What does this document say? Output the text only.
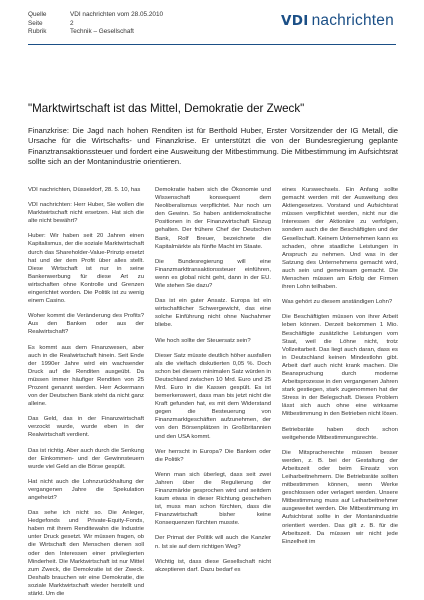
Quelle	VDI nachrichten vom 28.05.2010
Seite	2
Rubrik	Technik – Gesellschaft
VDI nachrichten
"Marktwirtschaft ist das Mittel, Demokratie der Zweck"
Finanzkrise: Die Jagd nach hohen Renditen ist für Berthold Huber, Erster Vorsitzender der IG Metall, die Ursache für die Wirtschafts- und Finanzkrise. Er unterstützt die von der Bundesregierung geplante Finanztransaktionssteuer und fordert eine Ausweitung der Mitbestimmung. Die Mitbestimmung im Aufsichtsrat sollte sich an der Montanindustrie orientieren.

VDI nachrichten, Düsseldorf, 28. 5. 10, has

VDI nachrichten: Herr Huber, Sie wollen die Marktwirtschaft nicht ersetzen. Hat sich die alte nicht bewährt?

Huber: Wir haben seit 20 Jahren einen Kapitalismus, der die soziale Marktwirtschaft durch das Shareholder-Value-Prinzip ersetzt hat und der dem Profit über alles stellt. Diese Wirtschaft ist nur in seine Bankenwerbung für diese Art zu wirtschaften ohne Kontrolle und Grenzen eingerichtet worden. Die Politik ist zu wenig einem Casino.

Woher kommt die Veränderung des Profits? Aus den Banken oder aus der Realwirtschaft?

Es kommt aus dem Finanzwesen, aber auch in die Realwirtschaft hinein. Seit Ende der 1990er Jahre wird ein wachsender Druck auf die Renditen ausgeübt. Da müssen immer häufiger Renditen von 25 Prozent genannt werden. Herr Ackermann von der Deutschen Bank steht da nicht ganz alleine.

Das Geld, das in der Finanzwirtschaft verzockt wurde, wurde eben in der Realwirtschaft verdient.

Das ist richtig. Aber auch durch die Senkung der Einkommen- und der Gewinnsteuern wurde viel Geld an die Börse gespült.

Hat nicht auch die Lohnzurückhaltung der vergangenen Jahre die Spekulation angeheizt?

Das sehe ich nicht so. Die Anleger, Hedgefonds und Private-Equity-Fonds, haben mit ihrem Renditewahn die Industrie unter Druck gesetzt. Wir müssen fragen, ob die Wirtschaft den Menschen dienen soll oder den Interessen einer privilegierten Minderheit. Die Marktwirtschaft ist nur Mittel zum Zweck, die Demokratie ist der Zweck. Deshalb brauchen wir eine Demokratie, die soziale Marktwirtschaft wieder herstellt und stärkt. Um die

Demokratie haben sich die Ökonomie und Wissenschaft konsequent dem Neoliberalismus verpflichtet. Nur noch um den Gewinn. So haben antidemokratische Positionen in der Finanzwirtschaft Einzug gehalten. Der frühere Chef der Deutschen Bank, Rolf Breuer, bezeichnete die Kapitalmärkte als fünfte Macht im Staate.

Die Bundesregierung will eine Finanzmarkttransaktionssteuer einführen, wenn es global nicht geht, dann in der EU. Wie stehen Sie dazu?

Das ist ein guter Ansatz. Europa ist ein wirtschaftlicher Schwergewicht, das eine solche Einführung nicht ohne Nachahmer bliebe.

Wie hoch sollte der Steuersatz sein?

Dieser Satz müsste deutlich höher ausfallen als die vielfach diskutierten 0,05 %. Doch schon bei diesem minimalen Satz würden in Deutschland zwischen 10 Mrd. Euro und 25 Mrd. Euro in die Kassen gespült. Es ist bemerkenswert, dass man bis jetzt nicht die Kraft gefunden hat, es mit dem Widerstand gegen die Besteuerung von Finanzmarktgeschäften aufzunehmen, der von den Börsenplätzen in Großbritannien und den USA kommt.

Wer herrscht in Europa? Die Banken oder die Politik?

Wenn man sich überlegt, dass seit zwei Jahren über die Regulierung der Finanzmärkte gesprochen wird und seitdem kaum etwas in dieser Richtung geschehen ist, muss man schon fürchten, dass die Finanzwirtschaft bisher keine Konsequenzen fürchten musste.

Der Primat der Politik will auch die Kanzler n. Ist sie auf dem richtigen Weg?

Wichtig ist, dass diese Gesellschaft nicht akzeptieren darf. Dazu bedarf es

eines Kurswechsels. Ein Anfang sollte gemacht werden mit der Ausweitung des Aktiengesetzes. Vorstand und Aufsichtsrat müssen verpflichtet werden, nicht nur die Interessen der Aktionäre zu verfolgen, sondern auch die der Beschäftigten und der Gesellschaft. Keinem Unternehmen kann es schaden, ohne staatliche Leistungen in Anspruch zu nehmen. Und was in der Satzung des Unternehmens gemacht wird, auch sein und gemeinsam gemacht. Die Menschen müssen am Erfolg der Firmen ihren Lohn teilhaben.

Was gehört zu diesem anständigen Lohn?

Die Beschäftigten müssen von ihrer Arbeit leben können. Derzeit bekommen 1 Mio. Beschäftigte zusätzliche Leistungen vom Staat, weil die Löhne nicht, trotz Vollzeitarbeit. Das liegt auch daran, dass es in Deutschland keinen Mindestlohn gibt. Arbeit darf auch nicht krank machen. Die Beanspruchung durch moderne Arbeitsprozesse in den vergangenen Jahren stark gestiegen, stark zugenommen hat der Stress in der Belegschaft. Dieses Problem lässt sich auch ohne eine wirksame Mitbestimmung in den Betrieben nicht lösen.

Betriebsräte haben doch schon weitgehende Mitbestimmungsrechte.

Die Mitspracherechte müssen besser werden, z. B. bei der Gestaltung der Arbeitszeit oder beim Einsatz von Leiharbeitnehmern. Die Betriebsräte sollten mitbestimmen können, wenn Werke geschlossen oder verlagert werden. Unsere Mitbestimmung muss auf Leiharbeitnehmer ausgeweitet werden. Die Mitbestimmung im Aufsichtsrat sollte in der Montanindustrie orientiert werden. Das gilt z. B. für die Arbeitszeit. Da müssen wir nicht jede Einzelheit im
